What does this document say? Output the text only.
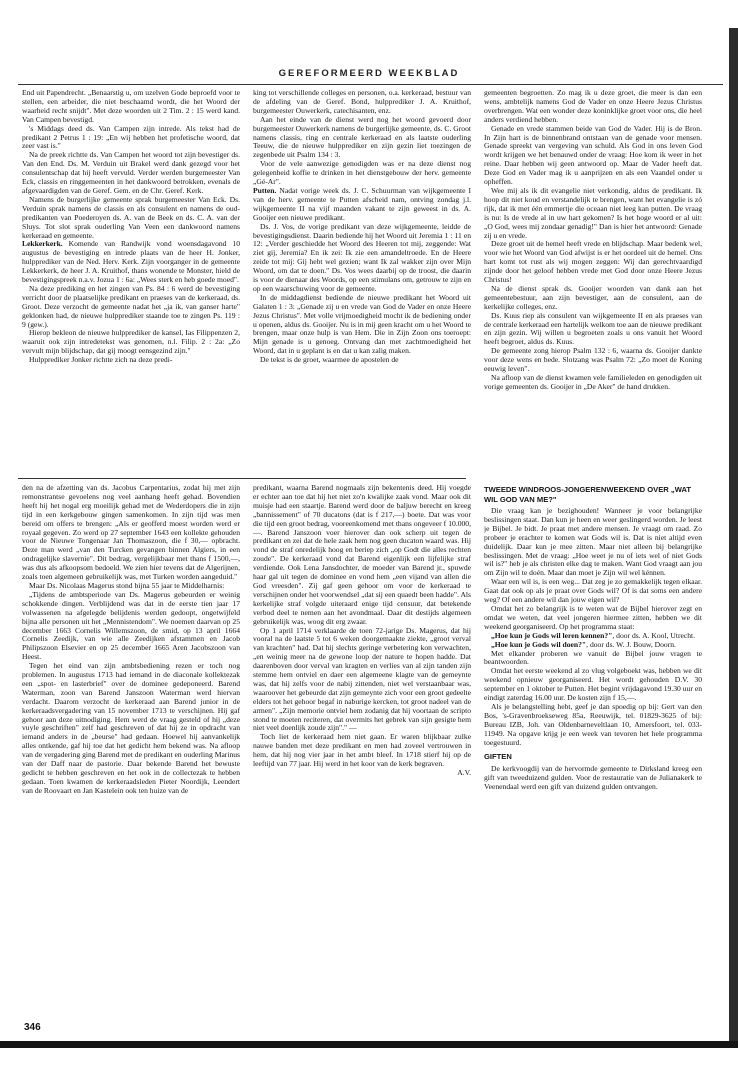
GEREFORMEERD WEEKBLAD

End uit Papendrecht. „Benaarstig u, om uzelven Gode beproefd voor te stellen, een arbeider, die niet beschaamd wordt, die het Woord der waarheid recht snijdt". Met deze woorden uit 2 Tim. 2 : 15 werd kand. Van Campen bevestigd.

's Middags deed ds. Van Campen zijn intrede. Als tekst had de predikant 2 Petrus 1 : 19: „En wij hebben het profetische woord, dat zeer vast is."

Na de preek richtte ds. Van Campen het woord tot zijn bevestiger ds. Van den End. Ds. M. Verduin uit Brakel werd dank gezegd voor het consulentschap dat hij heeft vervuld. Verder werden burgemeester Van Eck, classis en ringgemeenten in het dankwoord betrokken, evenals de afgevaardigden van de Geref. Gem. en de Chr. Geref. Kerk.

Namens de burgerlijke gemeente sprak burgemeester Van Eck. Ds. Verduin sprak namens de classis en als consulent en namens de oud-predikanten van Poederoyen ds. A. van de Beek en ds. C. A. van der Sluys. Tot slot sprak ouderling Van Veen een dankwoord namens kerkeraad en gemeente.

Lekkerkerk. Komende van Randwijk vond woensdagavond 10 augustus de bevestiging en intrede plaats van de heer H. Jonker, hulpprediker van de Ned. Herv. Kerk. Zijn voorganger in de gemeente Lekkerkerk, de heer J. A. Kruithof, thans wonende te Monster, hield de bevestigingspreek n.a.v. Jozua 1 : 6a: „Wees sterk en heb goede moed".

Na deze prediking en het zingen van Ps. 84 : 6 werd de bevestiging verricht door de plaatselijke predikant en praeses van de kerkeraad, ds. Groot. Deze verzocht de gemeente nadat het „ja ik, van ganser harte" geklonken had, de nieuwe hulpprediker staande toe te zingen Ps. 119 : 9 (gew.).

Hierop bekleon de nieuwe hulpprediker de kansel, Ias Filippenzen 2, waaruit ook zijn intredetekst was genomen, n.l. Filip. 2 : 2a: „Zo vervult mijn blijdschap, dat gij moogt eensgezind zijn."

Hulpprediker Jonker richtte zich na deze predi-

king tot verschillende colleges en personen, o.a. kerkeraad, bestuur van de afdeling van de Geref. Bond, hulpprediker J. A. Kruithof, burgemeester Ouwerkerk, catechisanten, enz.

Aan het einde van de dienst werd nog het woord gevoerd door burgemeester Ouwerkerk namens de burgerlijke gemeente, ds. C. Groot namens classis, ring en centrale kerkeraad en als laatste ouderling Teeuw, die de nieuwe hulpprediker en zijn gezin liet toezingen de zegenbede uit Psalm 134 : 3.

Voor de vele aanwezige genodigden was er na deze dienst nog gelegenheid koffie te drinken in het dienstgebouw der herv. gemeente „Gé-Ar".

Putten. Nadat vorige week ds. J. C. Schuurman van wijkgemeente I van de herv. gemeente te Putten afscheid nam, ontving zondag j.l. wijkgemeente II na vijf maanden vakant te zijn geweest in ds. A. Gooijer een nieuwe predikant.

Ds. J. Vos, de vorige predikant van deze wijkgemeente, leidde de bevestigingsdienst. Daarin bediende hij het Woord uit Jeremia 1 : 11 en 12: „Verder geschiedde het Woord des Heeren tot mij, zeggende: Wat ziet gij, Jeremia? En ik zei: Ik zie een amandeltroede. En de Heere zeide tot mij: Gij hebt wel gezien; want Ik zal wakker zijn over Mijn Woord, om dat te doen." Ds. Vos wees daarbij op de troost, die daarin is voor de dienaar des Woords, op een stimulans om, getrouw te zijn en op een waarschuwing voor de gemeente.

In de middagdienst bediende de nieuwe predikant het Woord uit Galaten 1 : 3: „Genade zij u en vrede van God de Vader en onze Heere Jezus Christus". Met volle vrijmoedigheid mocht ik de bediening onder u openen, aldus ds. Gooijer. Nu is in mij geen kracht om u het Woord te brengen, maar onze hulp is van Hem. Die in Zijn Zoon ons toeroept: Mijn genade is u genoeg. Ontvang dan met zachtmoedigheid het Woord, dat in u geplant is en dat u kan zalig maken.

De tekst is de groet, waarmee de apostelen de

gemeenten begroetten. Zo mag ik u deze groet, die meer is dan een wens, ambtelijk namens God de Vader en onze Heere Jezus Christus overbrengen. Wat een wonder deze koninklijke groet voor ons, die heel anders verdiend hebben.

Genade en vrede stammen beide van God de Vader. Hij is de Bron. In Zijn hart is de binnenbrand ontstaan van de genade voor mensen. Genade spreekt van vergeving van schuld. Als God in ons leven God wordt krijgen we het benauwd onder de vraag: Hoe kom ik weer in het reine. Daar hebben wij geen antwoord op. Maar de Vader heeft dat. Deze God en Vader mag ik u aanprijzen en als een Vaandel onder u opheffen.

Wee mij als ik dit evangelie niet verkondig, aldus de predikant. Ik hoop dit niet koud en verstandelijk te brengen, want het evangelie is zó rijk, dat ik met één emmertje die oceaan niet leeg kan putten. De vraag is nu: Is de vrede al in uw hart gekomen? Is het hoge woord er al uit: „O God, wees mij zondaar genadig!" Dan is hier het antwoord: Genade zij u en vrede.

Deze groet uit de hemel heeft vrede en blijdschap. Maar bedenk wel, voor wie het Woord van God afwijst is er het oordeel uit de hemel. Ons hart komt tot rust als wij mogen zeggen: Wij dan gerechtvaardigd zijnde door het geloof hebben vrede met God door onze Heere Jezus Christus!

Na de dienst sprak ds. Gooijer woorden van dank aan het gemeentebestuur, aan zijn bevestiger, aan de consulent, aan de kerkelijke colleges, enz.

Ds. Kuus riep als consulent van wijkgemeente II en als praeses van de centrale kerkeraad een hartelijk welkom toe aan de nieuwe predikant en zijn gezin. Wij willen u begroeten zoals u ons vanuit het Woord heeft begroet, aldus ds. Kuus.

De gemeente zong hierop Psalm 132 : 6, waarna ds. Gooijer dankte voor deze wens en bede. Slotzang was Psalm 72: „Zo moet de Koning eeuwig leven".

Na afloop van de dienst kwamen vele familieleden en genodigden uit vorige gemeenten ds. Gooijer in „De Aker" de hand drukken.

den na de afzetting van ds. Jacobus Carpentarius, zodat hij met zijn remonstrantse gevoelens nog veel aanhang heeft gehad. Bovendien heeft hij het nogal erg moeilijk gehad met de Wederdopers die in zijn tijd in een kerkgebouw gingen samenkomen. In zijn tijd was men bereid om offers te brengen: „Als er geofferd moest worden werd er royaal gegeven. Zo werd op 27 september 1643 een kollekte gehouden voor de Nieuwe Tongenaar Jan Thomaszoon, die f 30,— opbracht. Deze man werd „van den Turcken gevangen binnen Algiers, in een ondragelijke slavernie". Dit bedrag, vergelijkbaar met thans f 1500,—, was dus als afkoopsom bedoeld. We zien hier tevens dat de Algerijnen, zoals toen algemeen gebruikelijk was, met Turken worden aangeduid."

Maar Ds. Nicolaas Magerus stond bijna 55 jaar te Middelharnis:

„Tijdens de ambtsperiode van Ds. Magerus gebeurden er weinig schokkende dingen. Verblijdend was dat in de eerste tien jaar 17 volwassenen na afgelegde belijdenis werden gedoopt, ongetwijfeld bijna alle personen uit het „Mennistendom". We noemen daarvan op 25 december 1663 Cornelis Willemszoon, de smid, op 13 april 1664 Cornelis Zeedijk, van wie alle Zeedijken afstammen en Jacob Philipszoon Elsevier en op 25 december 1665 Aren Jacobszoon van Heest.

Tegen het eind van zijn ambtsbediening rezen er toch nog problemen. In augustus 1713 had iemand in de diaconale kollektezak een „spot- en lasterbrief" over de dominee gedeponeerd. Barend Waterman, zoon van Barend Janszoon Waterman werd hiervan verdacht. Daarom verzocht de kerkeraad aan Barend junior in de kerkeraadsvergadering van 15 november 1713 te verschijnen. Hij gaf gehoor aan deze uitnodiging. Hem werd de vraag gesteld of hij „deze vuyle geschriften" zelf had geschreven of dat hij ze in opdracht van iemand anders in de „beurse" had gedaan. Hoewel hij aanvankelijk alles ontkende, gaf hij toe dat het gedicht hem bekend was. Na afloop van de vergadering ging Barend met de predikant en ouderling Marinus van der Daff naar de pastorie. Daar bekende Barend het bewuste gedicht te hebben geschreven en het ook in de collectezak te hebben gedaan. Toen kwamen de kerkeraadsleden Pieter Noordijk, Leendert van de Roovaart en Jan Kastelein ook ten huize van de

predikant, waarna Barend nogmaals zijn bekentenis deed. Hij voegde er echter aan toe dat hij het niet zo'n kwalijke zaak vond. Maar ook dit muisje had een staartje. Barend werd door de baljuw berecht en kreeg „bannissement" of 70 ducatons (dat is f 217,—) boete. Dat was voor die tijd een groot bedrag, vooreenkomend met thans ongeveer f 10.000,—. Barend Janszoon voer hierover dan ook scherp uit tegen de predikant en zei dat de hele zaak hem nog geen ducaton waard was. Hij vond de straf onredelijk hoog en beriep zich „op Godt die alles rechten zoude". De kerkeraad vond dat Barend eigenlijk een lijfelijke straf verdiende. Ook Lena Jansdochter, de moeder van Barend jr., spuwde haar gal uit tegen de dominee en vond hem „een vijand van allen die God vreesden". Zij gaf geen gehoor om voor de kerkeraad te verschijnen onder het voorwendsel „dat sij een quaedt been hadde". Als kerkelijke straf volgde uiteraard enige tijd censuur, dat betekende verbod deel te nemen aan het avondmaal. Daar dit destijds algemeen gebruikelijk was, woog dit erg zwaar.

Op 1 april 1714 verklaarde de toen 72-jarige Ds. Magerus, dat hij vooral na de laatste 5 tot 6 weken doorgemaakte ziekte, „groot verval van krachten" had. Dat hij slechts geringe verbetering kon verwachten, „en weinig meer na de gewone loop der nature te hopen hadde. Dat daarenboven door verval van kragten en verlies van al zijn tanden zijn stemme hem ontviel en daer een algemeene klagte van de gemeynte was, dat hij zelfs voor de nabij zittenden, niet wel verstaanbaar was, waaroover het gebeurde dat zijn gemeynte zich voor een groot gedeelte elders tot het gehoor begaf in naburige kercken, tot groot nadeel van de armen". „Zijn memorie ontviel hem zodanig dat hij voortaan de scripto stond te moeten reciteren, dat overmits het gebrek van sijn gesigte hem niet veel doenlijk zoude zijn"." —

Toch liet de kerkeraad hem niet gaan. Er waren blijkbaar zulke nauwe banden met deze predikant en men had zoveel vertrouwen in hem, dat hij nog vier jaar in het ambt bleef. In 1718 stierf hij op de leeftijd van 77 jaar. Hij werd in het koor van de kerk begraven.

A.V.

TWEEDE WINDROOS-JONGERENWEEKEND OVER „WAT WIL GOD VAN ME?"

Die vraag kan je bezighouden! Wanneer je voor belangrijke beslissingen staat. Dan kun je heen en weer geslingerd worden. Je leest je Bijbel. Je bidt. Je praat met andere mensen. Je vraagt om raad. Zo probeer je erachter te komen wat Gods wil is. Dat is niet altijd even duidelijk. Daar kun je mee zitten. Maar niet alleen bij belangrijke beslissingen. Met de vraag: „Hoe weet je nu of iets wel of niet Gods wil is?" heb je als christen elke dag te maken. Want God vraagt aan jou om Zijn wil te doén. Maar dan moet je Zijn wil wel kénnen.

Waar een wil is, is een weg... Dat zeg je zo gemakkelijk tegen elkaar. Gaat dat ook op als je praat over Gods wil? Of is dat soms een andere weg? Of een andere wil dan jouw eigen wil?

Omdat het zo belangrijk is te weten wat de Bijbel hierover zegt en omdat we weten, dat veel jongeren hiermee zitten, hebben we dit weekend georganiseerd. Op het programma staat:

„Hoe kun je Gods wil leren kennen?", door ds. A. Kool, Utrecht.

„Hoe kun je Gods wil doen?", door ds. W. J. Bouw, Doorn.

Met elkander proberen we vanuit de Bijbel jouw vragen te beantwoorden.

Omdat het eerste weekend al zo vlug volgeboekt was, hebben we dit weekend opnieuw georganiseerd. Het wordt gehouden D.V. 30 september en 1 oktober te Putten. Het begint vrijdagavond 19.30 uur en eindigt zaterdag 16.00 uur. De kosten zijn f 15,—.

Als je belangstelling hebt, geef je dan spoedig op bij: Gert van den Bos, 's-Gravenbroekseweg 85a, Reeuwijk, tel. 01829-3625 of bij: Bureau IZB, Joh. van Oldenbarneveltlaan 10, Amersfoort, tel. 033-11949. Na opgave krijg je een week van tevoren het hele programma toegestuurd.

GIFTEN

De kerkvoogdij van de hervormde gemeente te Dirksland kreeg een gift van tweeduizend gulden. Voor de restauratie van de Julianakerk te Veenendaal werd een gift van duizend gulden ontvangen.

346
